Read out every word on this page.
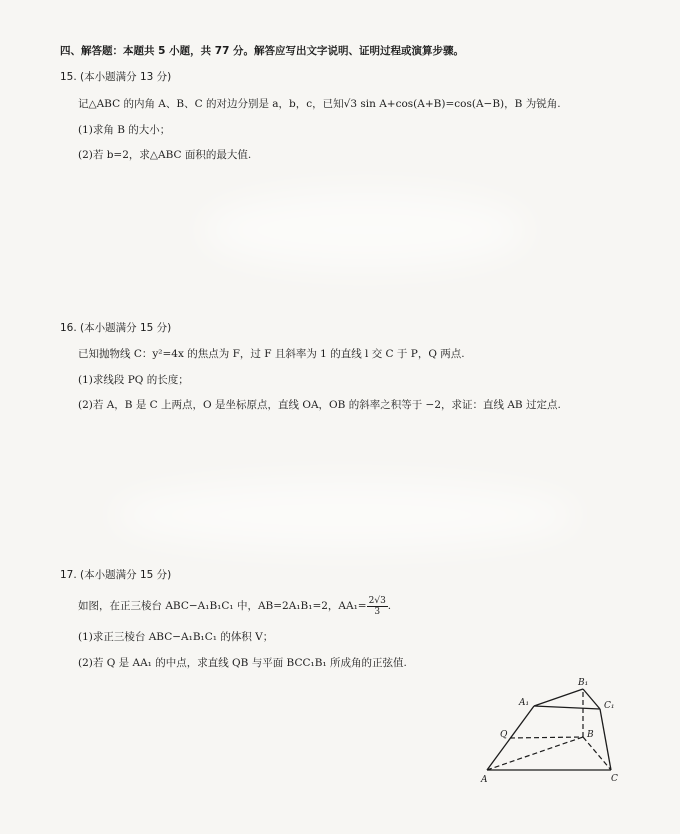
四、解答题：本题共 5 小题，共 77 分。解答应写出文字说明、证明过程或演算步骤。
15. (本小题满分 13 分)
记△ABC 的内角 A、B、C 的对边分别是 a，b，c，已知√3 sin A+cos(A+B)=cos(A−B)，B 为锐角.
(1)求角 B 的大小；
(2)若 b=2，求△ABC 面积的最大值.
16. (本小题满分 15 分)
已知抛物线 C：y²=4x 的焦点为 F，过 F 且斜率为 1 的直线 l 交 C 于 P，Q 两点.
(1)求线段 PQ 的长度；
(2)若 A，B 是 C 上两点，O 是坐标原点，直线 OA，OB 的斜率之积等于 −2，求证：直线 AB 过定点.
17. (本小题满分 15 分)
如图，在正三棱台 ABC−A₁B₁C₁ 中，AB=2A₁B₁=2，$AA_1= \frac{2√3}{3}$ .
(1)求正三棱台 ABC−A₁B₁C₁ 的体积 V；
(2)若 Q 是 AA₁ 的中点，求直线 QB 与平面 BCC₁B₁ 所成角的正弦值.
A	C
B
A₁
B₁
C₁
Q
